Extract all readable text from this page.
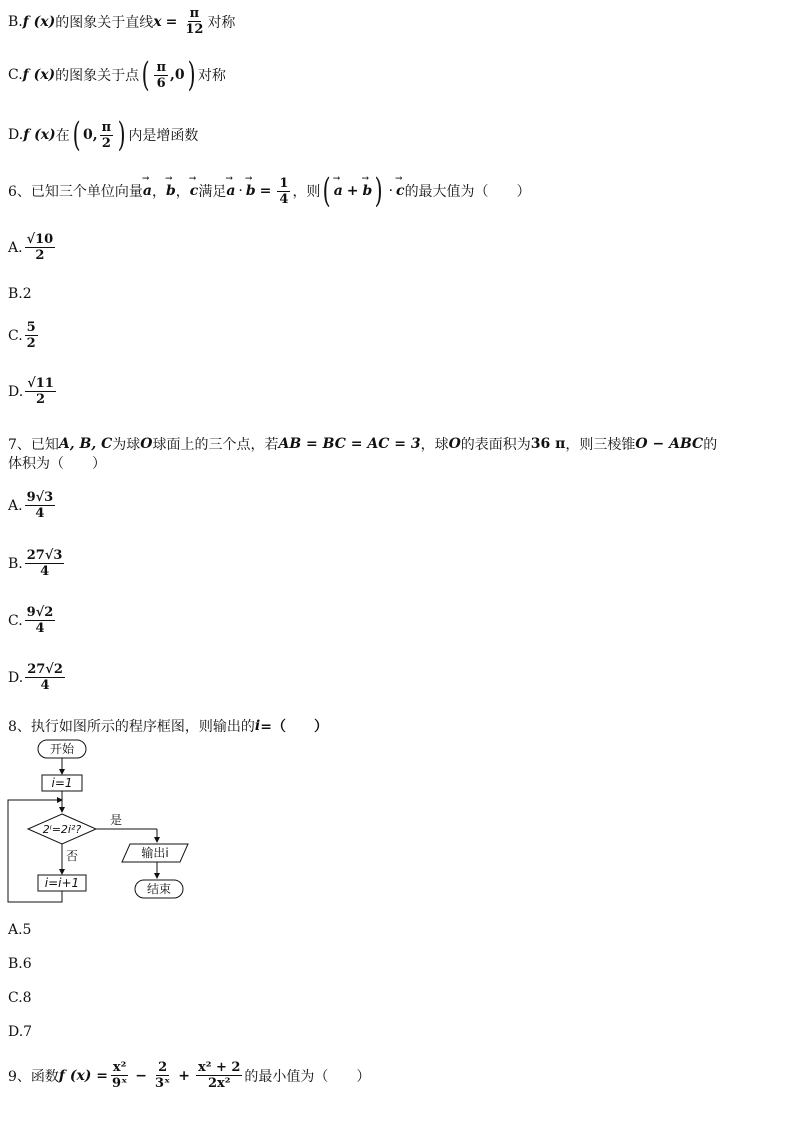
B. f (x) 的图象关于直线 $x = \frac{\pi}{12}$ 对称
C. f (x) 的图象关于点 ( $\frac{\pi}{6} ,0$ ) 对称
D. f (x) 在 ( 0, $\frac{\pi}{2}$ ) 内是增函数
6、已知三个单位向量 → a ， → b ， → c 满足 → a · → $b = \frac{1}{4}$ ，则 ( → a + → b ) · → c 的最大值为（　　）
A. $\frac{√10}{2}$
B.2
C. $\frac{5}{2}$
D. $\frac{√11}{2}$
7、已知 A, B, C 为球 O 球面上的三个点，若 AB = BC = AC = 3 ，球 O 的表面积为 36 π ，则三棱锥 O − ABC 的
体积为（　　）
A. $\frac{9√3}{4}$
B. $\frac{27√3}{4}$
C. $\frac{9√2}{4}$
D. $\frac{27√2}{4}$
8、执行如图所示的程序框图，则输出的 i =（　　）
开始
i=1
2ⁱ=2i²?
是
否	输出i
i=i+1	结束
A.5
B.6
C.8
D.7
9、函数 f $(x) = \frac{\text{x²}}{\text{9ˣ}} - \frac{2}{\text{3ˣ}} + \frac{\text{x² + 2}}{\text{2x²}}$ 的最小值为（　　）
